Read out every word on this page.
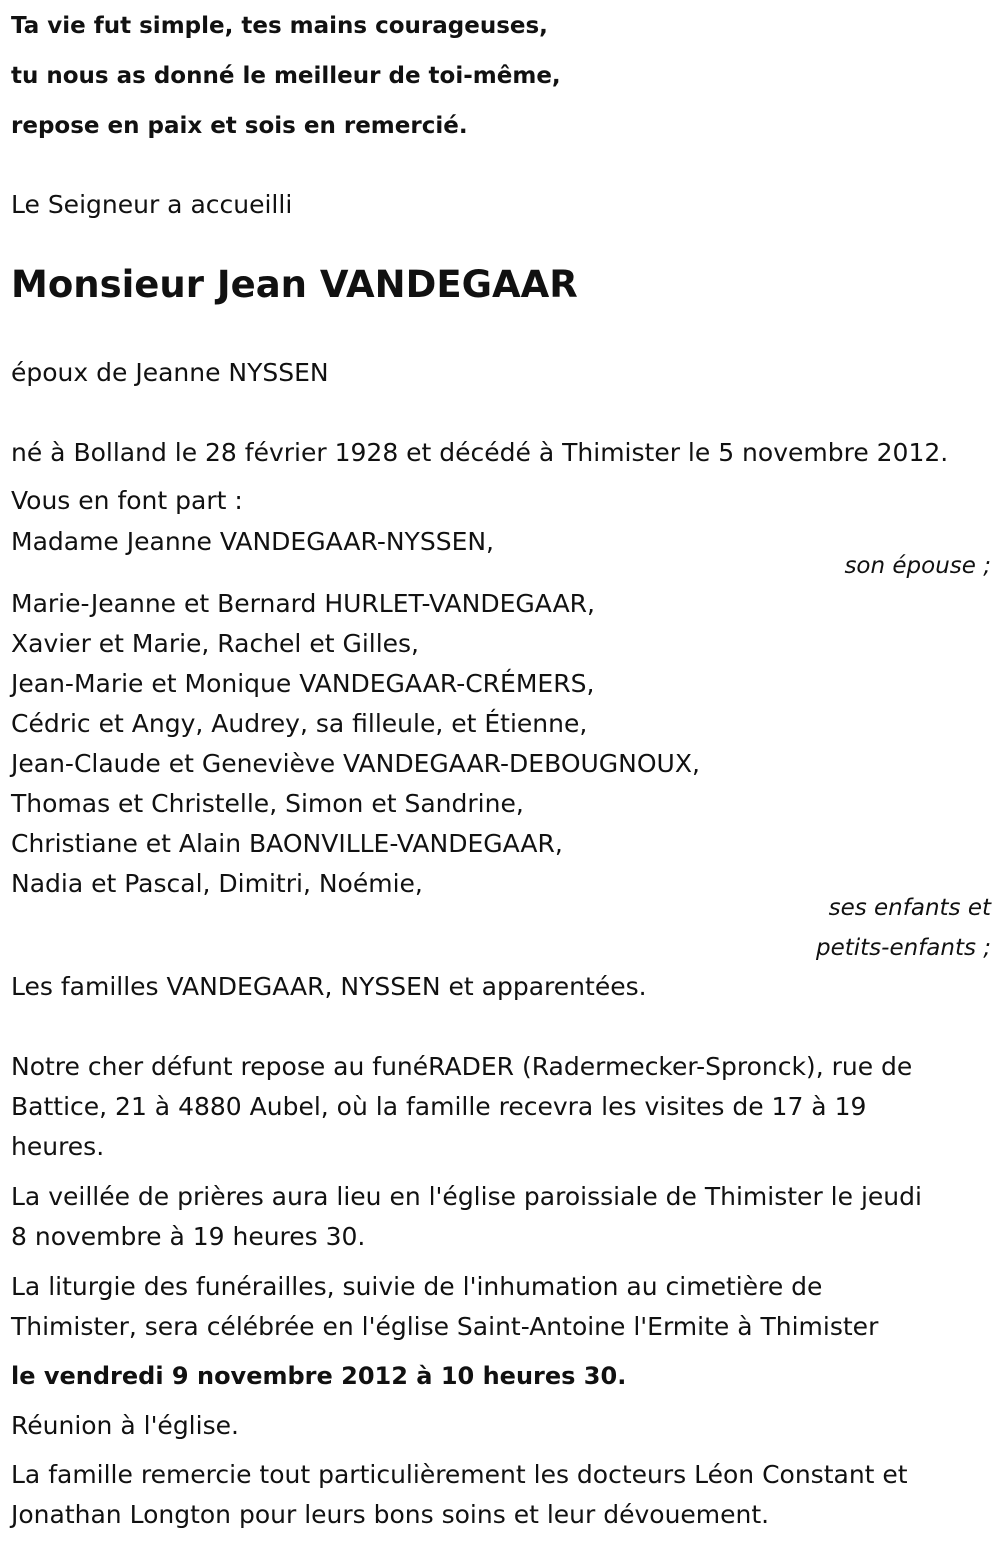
Ta vie fut simple, tes mains courageuses,
tu nous as donné le meilleur de toi-même,
repose en paix et sois en remercié.
Le Seigneur a accueilli
Monsieur Jean VANDEGAAR
époux de Jeanne NYSSEN
né à Bolland le 28 février 1928 et décédé à Thimister le 5 novembre 2012.
Vous en font part :
Madame Jeanne VANDEGAAR-NYSSEN,
son épouse ;
Marie-Jeanne et Bernard HURLET-VANDEGAAR,
Xavier et Marie, Rachel et Gilles,
Jean-Marie et Monique VANDEGAAR-CRÉMERS,
Cédric et Angy, Audrey, sa filleule, et Étienne,
Jean-Claude et Geneviève VANDEGAAR-DEBOUGNOUX,
Thomas et Christelle, Simon et Sandrine,
Christiane et Alain BAONVILLE-VANDEGAAR,
Nadia et Pascal, Dimitri, Noémie,
ses enfants et
petits-enfants ;
Les familles VANDEGAAR, NYSSEN et apparentées.
Notre cher défunt repose au funéRADER (Radermecker-Spronck), rue de
Battice, 21 à 4880 Aubel, où la famille recevra les visites de 17 à 19
heures.
La veillée de prières aura lieu en l'église paroissiale de Thimister le jeudi
8 novembre à 19 heures 30.
La liturgie des funérailles, suivie de l'inhumation au cimetière de
Thimister, sera célébrée en l'église Saint-Antoine l'Ermite à Thimister
le vendredi 9 novembre 2012 à 10 heures 30.
Réunion à l'église.
La famille remercie tout particulièrement les docteurs Léon Constant et
Jonathan Longton pour leurs bons soins et leur dévouement.
